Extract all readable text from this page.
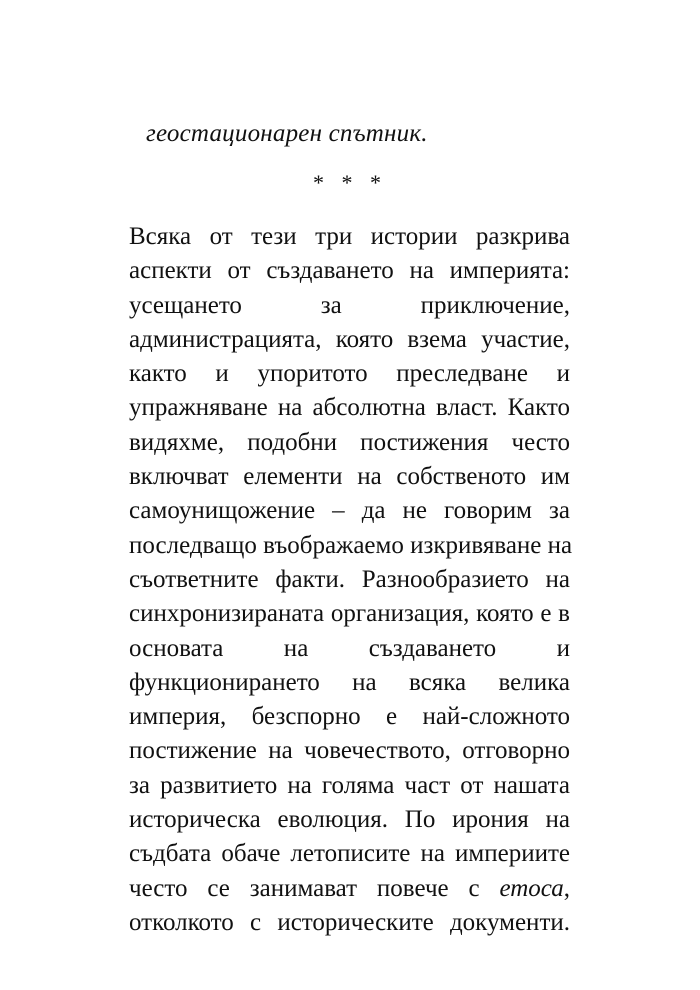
геостационарен спътник.
* * *
Всяка от тези три истории разкрива
аспекти от създаването на империята:
усещането за приключение,
администрацията, която взема участие,
както и упоритото преследване и
упражняване на абсолютна власт. Както
видяхме, подобни постижения често
включват елементи на собственото им
самоунищожение – да не говорим за
последващо въображаемо изкривяване на
съответните факти. Разнообразието на
синхронизираната организация, която е в
основата на създаването и
функционирането на всяка велика
империя, безспорно е най-сложното
постижение на човечеството, отговорно
за развитието на голяма част от нашата
историческа еволюция. По ирония на
съдбата обаче летописите на империите
често се занимават повече с етоса,
отколкото с историческите документи.
